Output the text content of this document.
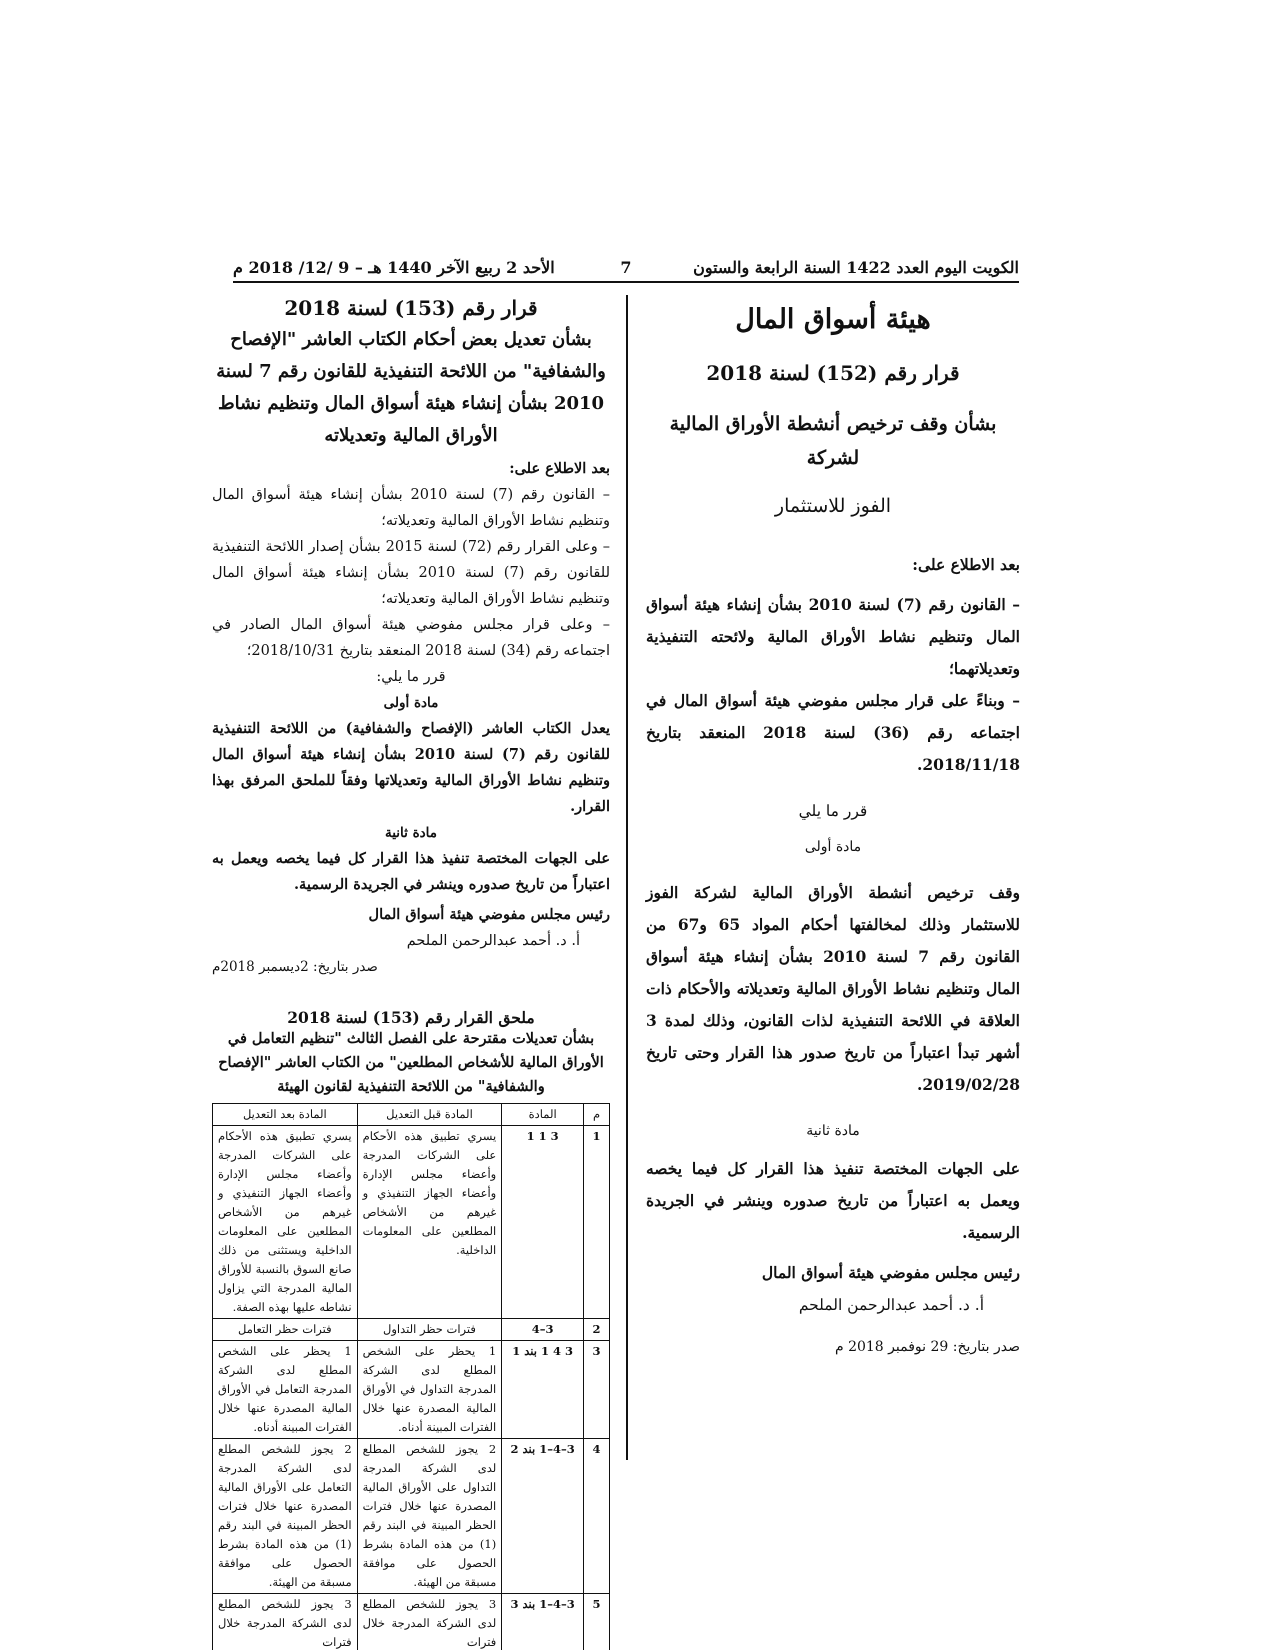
الكويت اليوم العدد 1422 السنة الرابعة والستون
7
الأحد 2 ربيع الآخر 1440 هـ – 9 /12/ 2018 م
هيئة أسواق المال
قرار رقم (152) لسنة 2018
بشأن وقف ترخيص أنشطة الأوراق المالية لشركة
الفوز للاستثمار
بعد الاطلاع على:
– القانون رقم (7) لسنة 2010 بشأن إنشاء هيئة أسواق المال وتنظيم نشاط الأوراق المالية ولائحته التنفيذية وتعديلاتهما؛
– وبناءً على قرار مجلس مفوضي هيئة أسواق المال في اجتماعه رقم (36) لسنة 2018 المنعقد بتاريخ 2018/11/18.
قرر ما يلي
مادة أولى
وقف ترخيص أنشطة الأوراق المالية لشركة الفوز للاستثمار وذلك لمخالفتها أحكام المواد 65 و67 من القانون رقم 7 لسنة 2010 بشأن إنشاء هيئة أسواق المال وتنظيم نشاط الأوراق المالية وتعديلاته والأحكام ذات العلاقة في اللائحة التنفيذية لذات القانون، وذلك لمدة 3 أشهر تبدأ اعتباراً من تاريخ صدور هذا القرار وحتى تاريخ 2019/02/28.
مادة ثانية
على الجهات المختصة تنفيذ هذا القرار كل فيما يخصه ويعمل به اعتباراً من تاريخ صدوره وينشر في الجريدة الرسمية.
رئيس مجلس مفوضي هيئة أسواق المال
أ. د. أحمد عبدالرحمن الملحم
صدر بتاريخ: 29 نوفمبر 2018 م
قرار رقم (153) لسنة 2018
بشأن تعديل بعض أحكام الكتاب العاشر "الإفصاح والشفافية" من اللائحة التنفيذية للقانون رقم 7 لسنة 2010 بشأن إنشاء هيئة أسواق المال وتنظيم نشاط الأوراق المالية وتعديلاته
بعد الاطلاع على:
– القانون رقم (7) لسنة 2010 بشأن إنشاء هيئة أسواق المال وتنظيم نشاط الأوراق المالية وتعديلاته؛
– وعلى القرار رقم (72) لسنة 2015 بشأن إصدار اللائحة التنفيذية للقانون رقم (7) لسنة 2010 بشأن إنشاء هيئة أسواق المال وتنظيم نشاط الأوراق المالية وتعديلاته؛
– وعلى قرار مجلس مفوضي هيئة أسواق المال الصادر في اجتماعه رقم (34) لسنة 2018 المنعقد بتاريخ 2018/10/31؛
قرر ما يلي:
مادة أولى
يعدل الكتاب العاشر (الإفصاح والشفافية) من اللائحة التنفيذية للقانون رقم (7) لسنة 2010 بشأن إنشاء هيئة أسواق المال وتنظيم نشاط الأوراق المالية وتعديلاتها وفقاً للملحق المرفق بهذا القرار.
مادة ثانية
على الجهات المختصة تنفيذ هذا القرار كل فيما يخصه ويعمل به اعتباراً من تاريخ صدوره وينشر في الجريدة الرسمية.
رئيس مجلس مفوضي هيئة أسواق المال
أ. د. أحمد عبدالرحمن الملحم
صدر بتاريخ: 2ديسمبر 2018م
ملحق القرار رقم (153) لسنة 2018
بشأن تعديلات مقترحة على الفصل الثالث "تنظيم التعامل في الأوراق المالية للأشخاص المطلعين" من الكتاب العاشر "الإفصاح والشفافية" من اللائحة التنفيذية لقانون الهيئة
م	المادة	المادة قبل التعديل	المادة بعد التعديل
1	3 1 1	يسري تطبيق هذه الأحكام على الشركات المدرجة وأعضاء مجلس الإدارة وأعضاء الجهاز التنفيذي و غيرهم من الأشخاص المطلعين على المعلومات الداخلية.	يسري تطبيق هذه الأحكام على الشركات المدرجة وأعضاء مجلس الإدارة وأعضاء الجهاز التنفيذي و غيرهم من الأشخاص المطلعين على المعلومات الداخلية ويستثنى من ذلك صانع السوق بالنسبة للأوراق المالية المدرجة التي يزاول نشاطه عليها بهذه الصفة.
2	3–4	فترات حظر التداول	فترات حظر التعامل
3	3 4 1 بند 1	1 يحظر على الشخص المطلع لدى الشركة المدرجة التداول في الأوراق المالية المصدرة عنها خلال الفترات المبينة أدناه.	1 يحظر على الشخص المطلع لدى الشركة المدرجة التعامل في الأوراق المالية المصدرة عنها خلال الفترات المبينة أدناه.
4	3–4–1 بند 2	2 يجوز للشخص المطلع لدى الشركة المدرجة التداول على الأوراق المالية المصدرة عنها خلال فترات الحظر المبينة في البند رقم (1) من هذه المادة بشرط الحصول على موافقة مسبقة من الهيئة.	2 يجوز للشخص المطلع لدى الشركة المدرجة التعامل على الأوراق المالية المصدرة عنها خلال فترات الحظر المبينة في البند رقم (1) من هذه المادة بشرط الحصول على موافقة مسبقة من الهيئة.
5	3–4–1 بند 3	3 يجوز للشخص المطلع لدى الشركة المدرجة خلال فترات	3 يجوز للشخص المطلع لدى الشركة المدرجة خلال فترات
